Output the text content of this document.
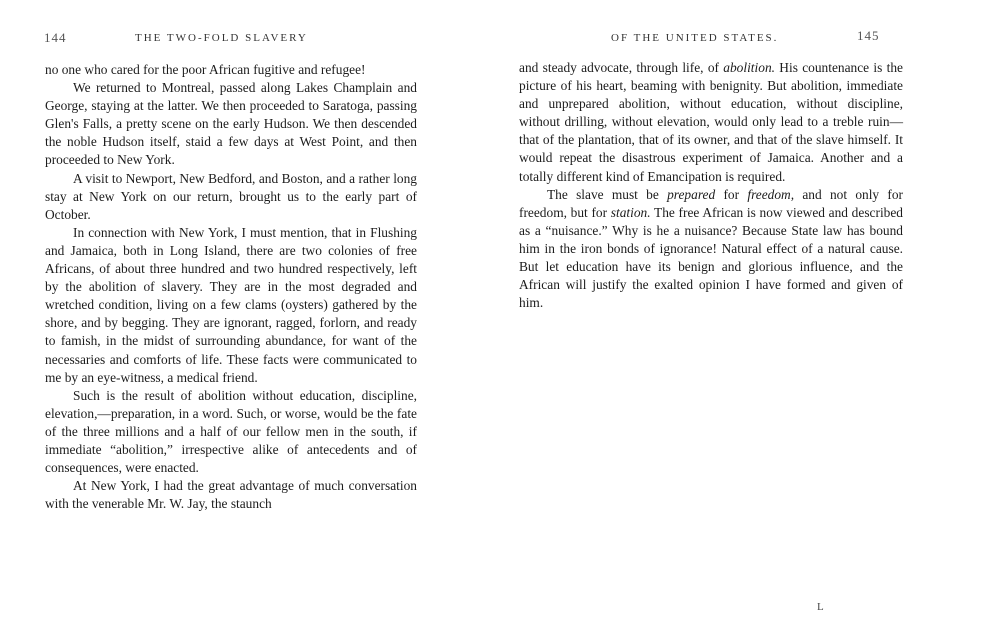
144	THE TWO-FOLD SLAVERY

no one who cared for the poor African fugitive and refugee!

We returned to Montreal, passed along Lakes Champlain and George, staying at the latter. We then proceeded to Saratoga, passing Glen's Falls, a pretty scene on the early Hudson. We then descended the noble Hudson itself, staid a few days at West Point, and then proceeded to New York.

A visit to Newport, New Bedford, and Boston, and a rather long stay at New York on our return, brought us to the early part of October.

In connection with New York, I must mention, that in Flushing and Jamaica, both in Long Island, there are two colonies of free Africans, of about three hundred and two hundred respectively, left by the abolition of slavery. They are in the most degraded and wretched condition, living on a few clams (oysters) gathered by the shore, and by begging. They are ignorant, ragged, forlorn, and ready to famish, in the midst of surrounding abundance, for want of the necessaries and comforts of life. These facts were communicated to me by an eye-witness, a medical friend.

Such is the result of abolition without education, discipline, elevation,—preparation, in a word. Such, or worse, would be the fate of the three millions and a half of our fellow men in the south, if immediate “abolition,” irrespective alike of antecedents and of consequences, were enacted.

At New York, I had the great advantage of much conversation with the venerable Mr. W. Jay, the staunch

OF THE UNITED STATES.	145

and steady advocate, through life, of abolition. His countenance is the picture of his heart, beaming with benignity. But abolition, immediate and unprepared abolition, without education, without discipline, without drilling, without elevation, would only lead to a treble ruin—that of the plantation, that of its owner, and that of the slave himself. It would repeat the disastrous experiment of Jamaica. Another and a totally different kind of Emancipation is required.

The slave must be prepared for freedom, and not only for freedom, but for station. The free African is now viewed and described as a “nuisance.” Why is he a nuisance? Because State law has bound him in the iron bonds of ignorance! Natural effect of a natural cause. But let education have its benign and glorious influence, and the African will justify the exalted opinion I have formed and given of him.

L
